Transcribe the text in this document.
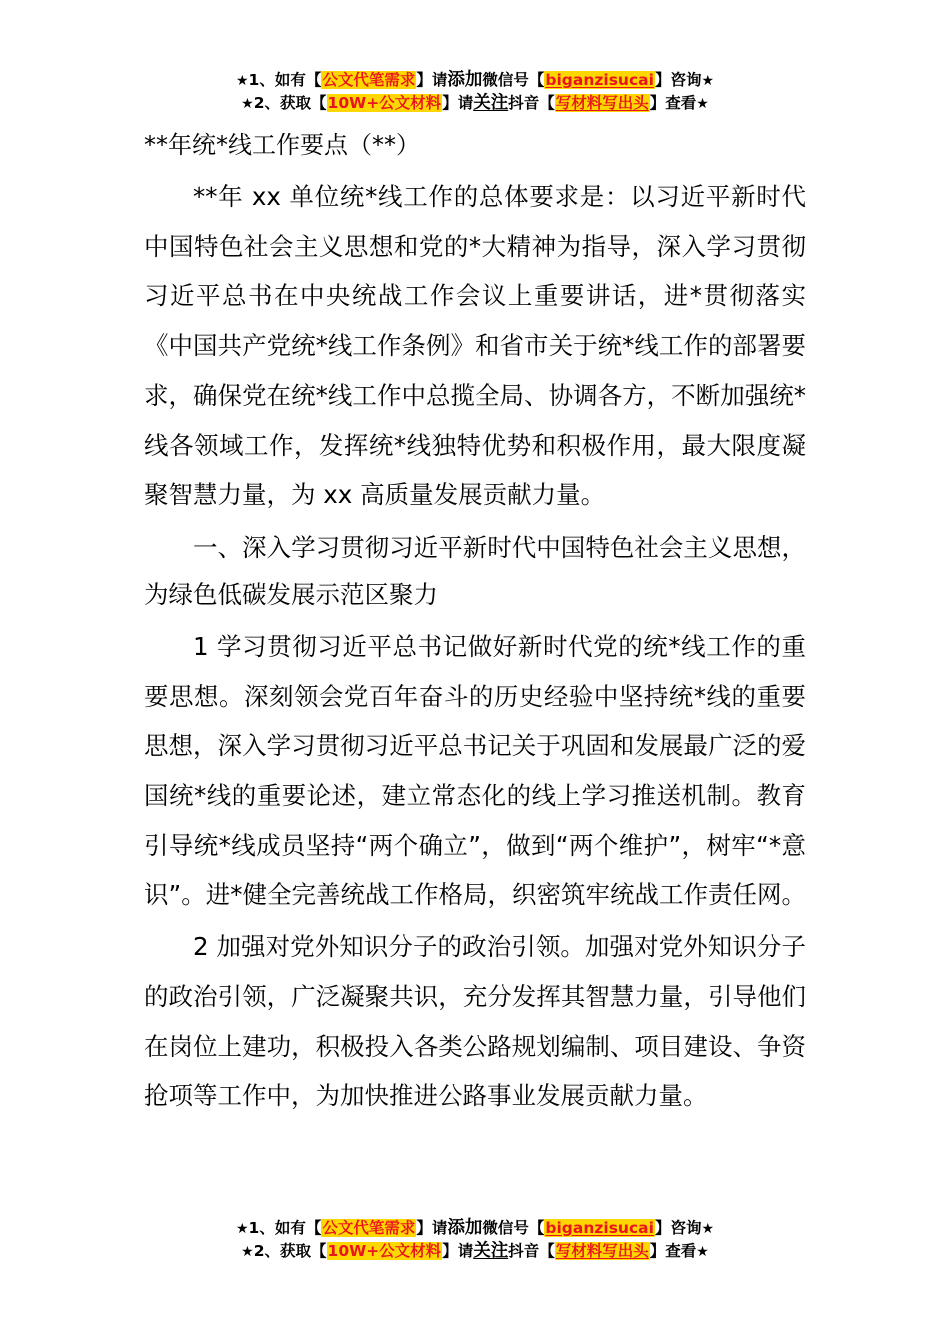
★1、如有【公文代笔需求】请添加微信号【biganzisucai】咨询★
★2、获取【10W+公文材料】请关注抖音【写材料写出头】查看★
**年统*线工作要点（**）

**年 xx 单位统*线工作的总体要求是：以习近平新时代中国特色社会主义思想和党的*大精神为指导，深入学习贯彻习近平总书在中央统战工作会议上重要讲话，进*贯彻落实《中国共产党统*线工作条例》和省市关于统*线工作的部署要求，确保党在统*线工作中总揽全局、协调各方，不断加强统*线各领域工作，发挥统*线独特优势和积极作用，最大限度凝聚智慧力量，为 xx 高质量发展贡献力量。

一、深入学习贯彻习近平新时代中国特色社会主义思想，为绿色低碳发展示范区聚力

1 学习贯彻习近平总书记做好新时代党的统*线工作的重要思想。深刻领会党百年奋斗的历史经验中坚持统*线的重要思想，深入学习贯彻习近平总书记关于巩固和发展最广泛的爱国统*线的重要论述，建立常态化的线上学习推送机制。教育引导统*线成员坚持“两个确立”，做到“两个维护”，树牢“*意识”。进*健全完善统战工作格局，织密筑牢统战工作责任网。

2 加强对党外知识分子的政治引领。加强对党外知识分子的政治引领，广泛凝聚共识，充分发挥其智慧力量，引导他们在岗位上建功，积极投入各类公路规划编制、项目建设、争资抢项等工作中，为加快推进公路事业发展贡献力量。

★1、如有【公文代笔需求】请添加微信号【biganzisucai】咨询★
★2、获取【10W+公文材料】请关注抖音【写材料写出头】查看★
